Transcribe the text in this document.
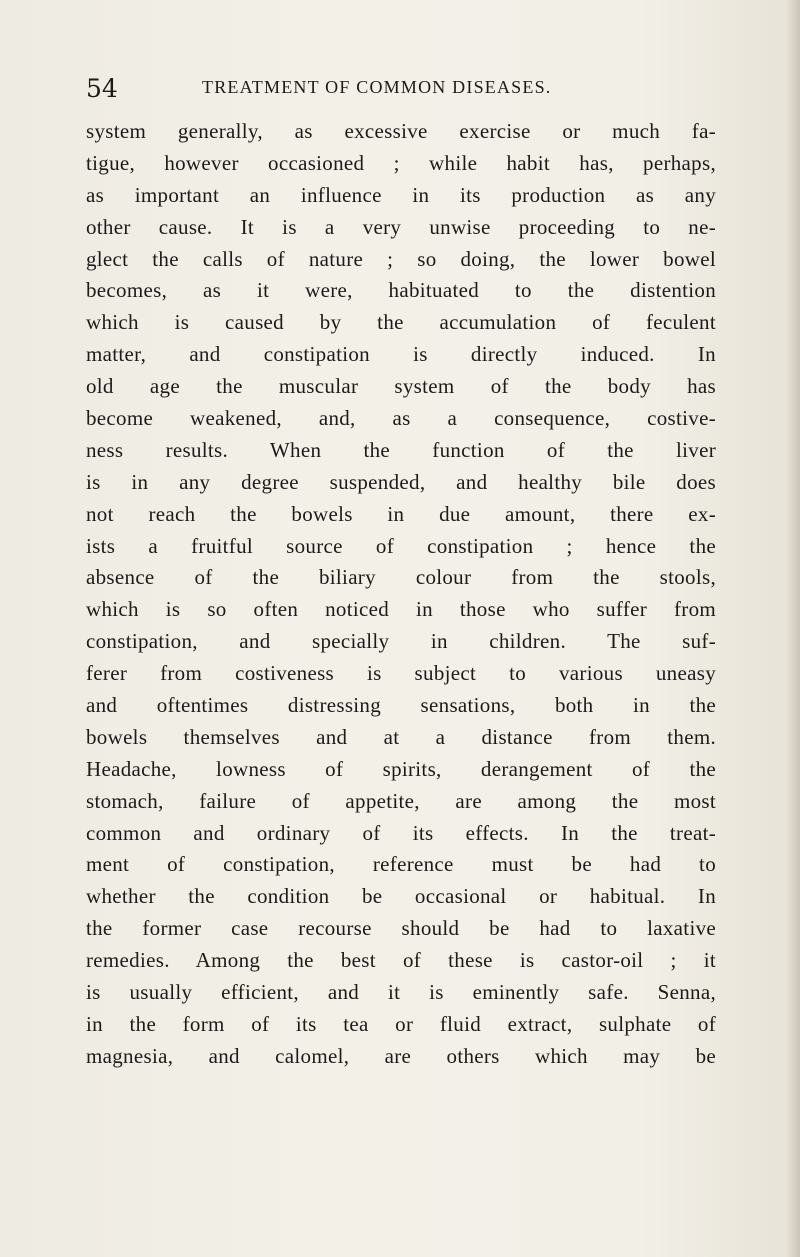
54	TREATMENT OF COMMON DISEASES.
system generally, as excessive exercise or much fa-
tigue, however occasioned ; while habit has, perhaps,
as important an influence in its production as any
other cause. It is a very unwise proceeding to ne-
glect the calls of nature ; so doing, the lower bowel
becomes, as it were, habituated to the distention
which is caused by the accumulation of feculent
matter, and constipation is directly induced. In
old age the muscular system of the body has
become weakened, and, as a consequence, costive-
ness results. When the function of the liver
is in any degree suspended, and healthy bile does
not reach the bowels in due amount, there ex-
ists a fruitful source of constipation ; hence the
absence of the biliary colour from the stools,
which is so often noticed in those who suffer from
constipation, and specially in children. The suf-
ferer from costiveness is subject to various uneasy
and oftentimes distressing sensations, both in the
bowels themselves and at a distance from them.
Headache, lowness of spirits, derangement of the
stomach, failure of appetite, are among the most
common and ordinary of its effects. In the treat-
ment of constipation, reference must be had to
whether the condition be occasional or habitual. In
the former case recourse should be had to laxative
remedies. Among the best of these is castor-oil ; it
is usually efficient, and it is eminently safe. Senna,
in the form of its tea or fluid extract, sulphate of
magnesia, and calomel, are others which may be
